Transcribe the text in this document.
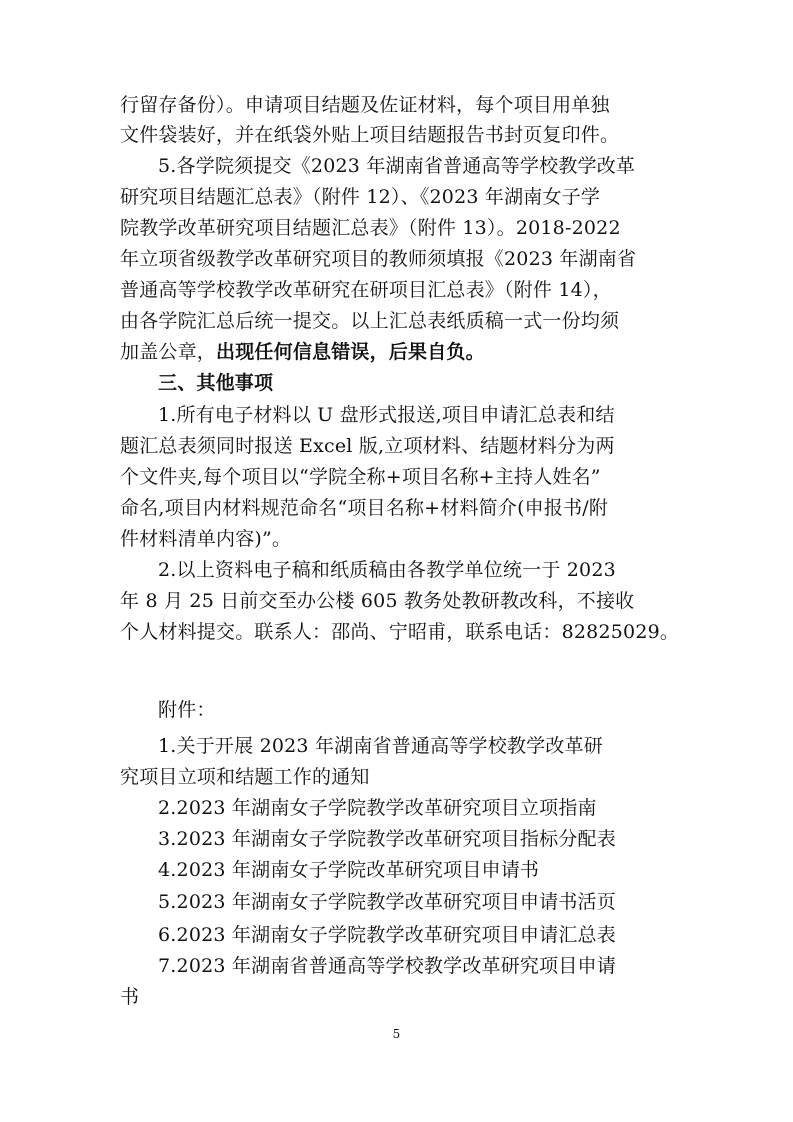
行留存备份）。申请项目结题及佐证材料，每个项目用单独
文件袋装好，并在纸袋外贴上项目结题报告书封页复印件。
5.各学院须提交《2023 年湖南省普通高等学校教学改革
研究项目结题汇总表》（附件 12）、《2023 年湖南女子学
院教学改革研究项目结题汇总表》（附件 13）。2018-2022
年立项省级教学改革研究项目的教师须填报《2023 年湖南省
普通高等学校教学改革研究在研项目汇总表》（附件 14），
由各学院汇总后统一提交。以上汇总表纸质稿一式一份均须
加盖公章，出现任何信息错误，后果自负。
三、其他事项
1.所有电子材料以 U 盘形式报送,项目申请汇总表和结
题汇总表须同时报送 Excel 版,立项材料、结题材料分为两
个文件夹,每个项目以“学院全称+项目名称+主持人姓名”
命名,项目内材料规范命名“项目名称+材料简介(申报书/附
件材料清单内容)”。
2.以上资料电子稿和纸质稿由各教学单位统一于 2023
年 8 月 25 日前交至办公楼 605 教务处教研教改科，不接收
个人材料提交。联系人：邵尚、宁昭甫，联系电话：82825029。
附件：
1.关于开展 2023 年湖南省普通高等学校教学改革研
究项目立项和结题工作的通知
2.2023 年湖南女子学院教学改革研究项目立项指南
3.2023 年湖南女子学院教学改革研究项目指标分配表
4.2023 年湖南女子学院改革研究项目申请书
5.2023 年湖南女子学院教学改革研究项目申请书活页
6.2023 年湖南女子学院教学改革研究项目申请汇总表
7.2023 年湖南省普通高等学校教学改革研究项目申请
书
5
